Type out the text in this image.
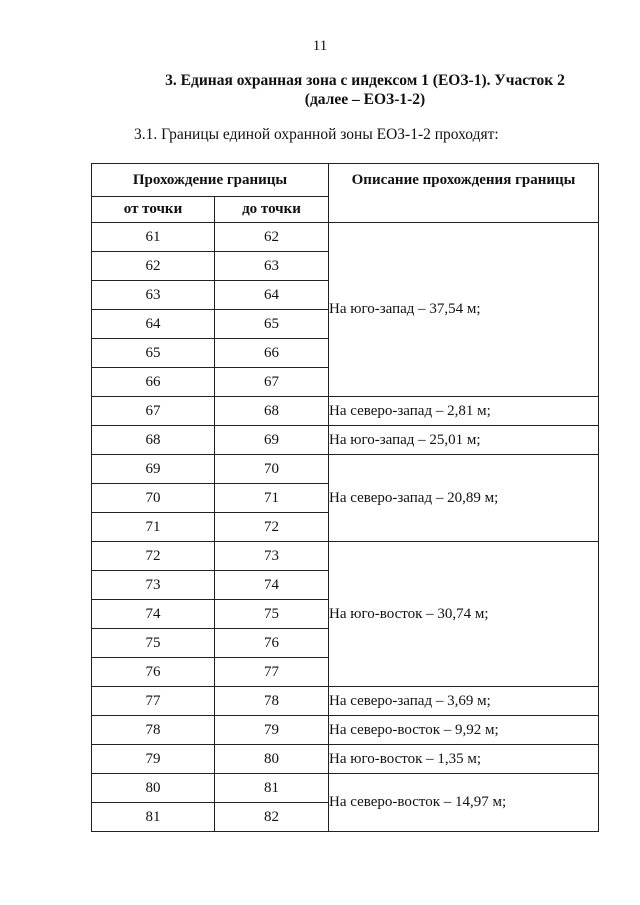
11
3. Единая охранная зона с индексом 1 (ЕОЗ-1). Участок 2 (далее – ЕОЗ-1-2)
3.1. Границы единой охранной зоны ЕОЗ-1-2 проходят:
Прохождение границы		Описание прохождения границы
от точки	до точки	
61	62	На юго-запад – 37,54 м;
62	63	
63	64	
64	65	
65	66	
66	67	
67	68	На северо-запад – 2,81 м;
68	69	На юго-запад – 25,01 м;
69	70	На северо-запад – 20,89 м;
70	71	
71	72	
72	73	На юго-восток – 30,74 м;
73	74	
74	75	
75	76	
76	77	
77	78	На северо-запад – 3,69 м;
78	79	На северо-восток – 9,92 м;
79	80	На юго-восток – 1,35 м;
80	81	На северо-восток – 14,97 м;
81	82	
